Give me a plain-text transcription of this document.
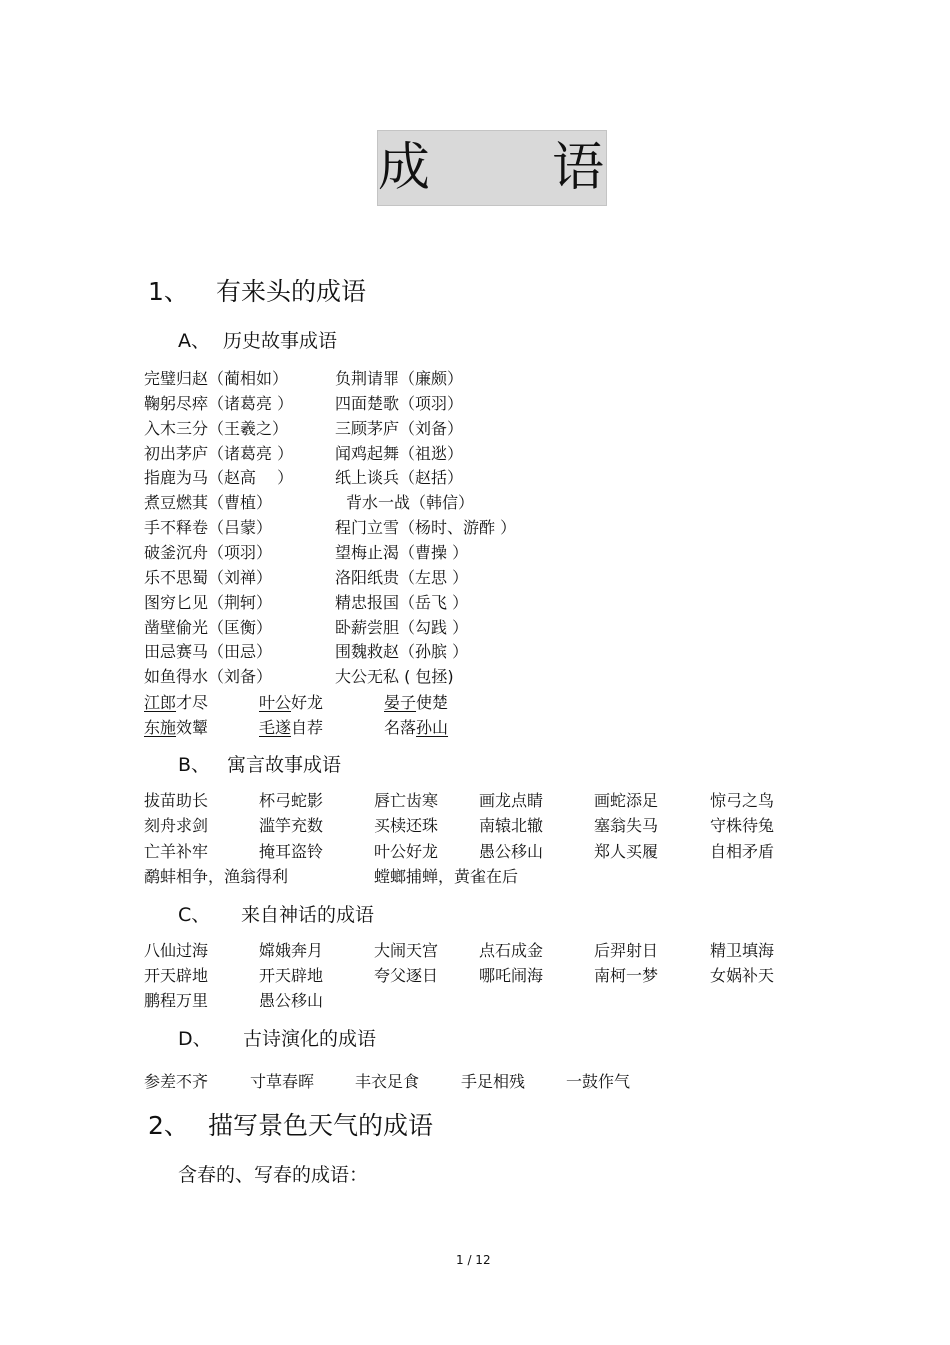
成 语
1、 有来头的成语
A、 历史故事成语
完璧归赵（蔺相如）	负荆请罪（廉颇）
鞠躬尽瘁（诸葛亮 ）	四面楚歌（项羽）
入木三分（王羲之）	三顾茅庐（刘备）
初出茅庐（诸葛亮 ）	闻鸡起舞（祖逖）
指鹿为马（赵高　 ）	纸上谈兵（赵括）
煮豆燃萁（曹植）	背水一战（韩信）
手不释卷（吕蒙）	程门立雪（杨时、游酢 ）
破釜沉舟（项羽）	望梅止渴（曹操 ）
乐不思蜀（刘禅）	洛阳纸贵（左思 ）
图穷匕见（荆轲）	精忠报国（岳飞 ）
凿壁偷光（匡衡）	卧薪尝胆（勾践 ）
田忌赛马（田忌）	围魏救赵（孙膑 ）
如鱼得水（刘备）	大公无私 ( 包拯)
江郎才尽	叶公好龙	晏子使楚
东施效颦	毛遂自荐	名落孙山
B、 寓言故事成语
拔苗助长	杯弓蛇影	唇亡齿寒	画龙点睛	画蛇添足	惊弓之鸟
刻舟求剑	滥竽充数	买椟还珠	南辕北辙	塞翁失马	守株待兔
亡羊补牢	掩耳盗铃	叶公好龙	愚公移山	郑人买履	自相矛盾
鹬蚌相争，渔翁得利	螳螂捕蝉，黄雀在后
C、 来自神话的成语
八仙过海	嫦娥奔月	大闹天宫	点石成金	后羿射日	精卫填海
开天辟地	开天辟地	夸父逐日	哪吒闹海	南柯一梦	女娲补天
鹏程万里	愚公移山
D、 古诗演化的成语
参差不齐	寸草春晖	丰衣足食	手足相残	一鼓作气
2、 描写景色天气的成语
含春的、写春的成语：
1 / 12
